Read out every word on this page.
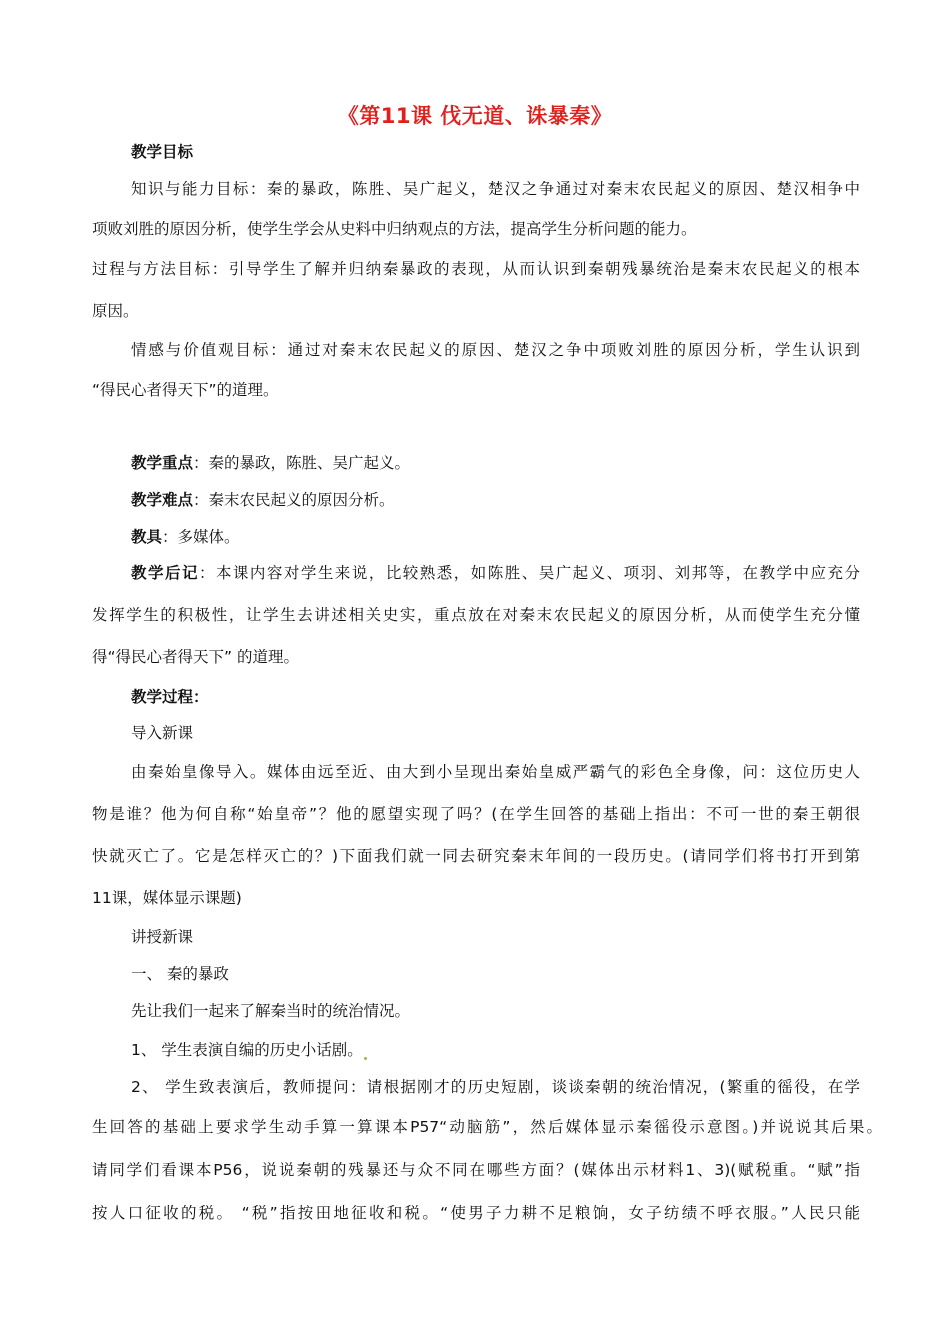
《第11课 伐无道、诛暴秦》
教学目标
知识与能力目标：秦的暴政，陈胜、吴广起义，楚汉之争通过对秦末农民起义的原因、楚汉相争中
项败刘胜的原因分析，使学生学会从史料中归纳观点的方法，提高学生分析问题的能力。
过程与方法目标：引导学生了解并归纳秦暴政的表现，从而认识到秦朝残暴统治是秦末农民起义的根本
原因。
情感与价值观目标：通过对秦末农民起义的原因、楚汉之争中项败刘胜的原因分析，学生认识到
“得民心者得天下”的道理。
教学重点：秦的暴政，陈胜、吴广起义。
教学难点：秦末农民起义的原因分析。
教具：多媒体。
教学后记：本课内容对学生来说，比较熟悉，如陈胜、吴广起义、项羽、刘邦等，在教学中应充分
发挥学生的积极性，让学生去讲述相关史实，重点放在对秦末农民起义的原因分析，从而使学生充分懂
得“得民心者得天下” 的道理。
教学过程：
导入新课
由秦始皇像导入。媒体由远至近、由大到小呈现出秦始皇威严霸气的彩色全身像，问：这位历史人
物是谁？他为何自称“始皇帝”？他的愿望实现了吗？(在学生回答的基础上指出：不可一世的秦王朝很
快就灭亡了。它是怎样灭亡的？)下面我们就一同去研究秦末年间的一段历史。(请同学们将书打开到第
11课，媒体显示课题)
讲授新课
一、 秦的暴政
先让我们一起来了解秦当时的统治情况。
1、 学生表演自编的历史小话剧。
2、 学生致表演后，教师提问：请根据刚才的历史短剧，谈谈秦朝的统治情况，(繁重的徭役，在学
生回答的基础上要求学生动手算一算课本P57“动脑筋”，然后媒体显示秦徭役示意图。)并说说其后果。
请同学们看课本P56，说说秦朝的残暴还与众不同在哪些方面？(媒体出示材料1、3)(赋税重。“赋”指
按人口征收的税。 “税”指按田地征收和税。“使男子力耕不足粮饷，女子纺绩不呼衣服。”人民只能
